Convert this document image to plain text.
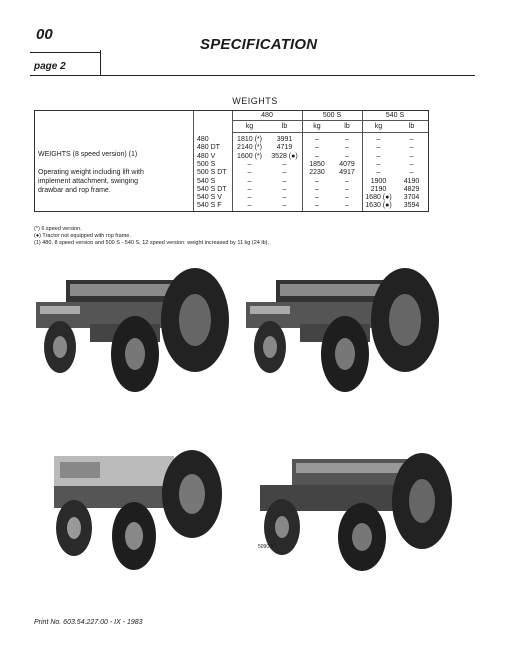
00
page 2
SPECIFICATION
WEIGHTS
480	500 S	540 S
kg	lb	kg	lb	kg	lb
WEIGHTS (8 speed version) (1)
Operating weight including lift with
implement attachment, swinging
drawbar and rop frame.
480	1810 (*)	3991	–	–	–	–
480 DT	2140 (*)	4719	–	–	–	–
480 V	1600 (*)	3528 (●)	–	–	–	–
500 S	–	–	1850	4079	–	–
500 S DT	–	–	2230	4917	–	–
540 S	–	–	–	–	1900	4190
540 S DT	–	–	–	–	2190	4829
540 S V	–	–	–	–	1680 (●)	3704
540 S F	–	–	–	–	1630 (●)	3594
(*) 6 speed version.
(●) Tractor not equipped with rop frame.
(1) 480, 8 speed version and 500 S - 540 S, 12 speed version: weight increased by 11 kg (24 lb).
5090 A
Print No. 603.54.227.00 - IX - 1983
